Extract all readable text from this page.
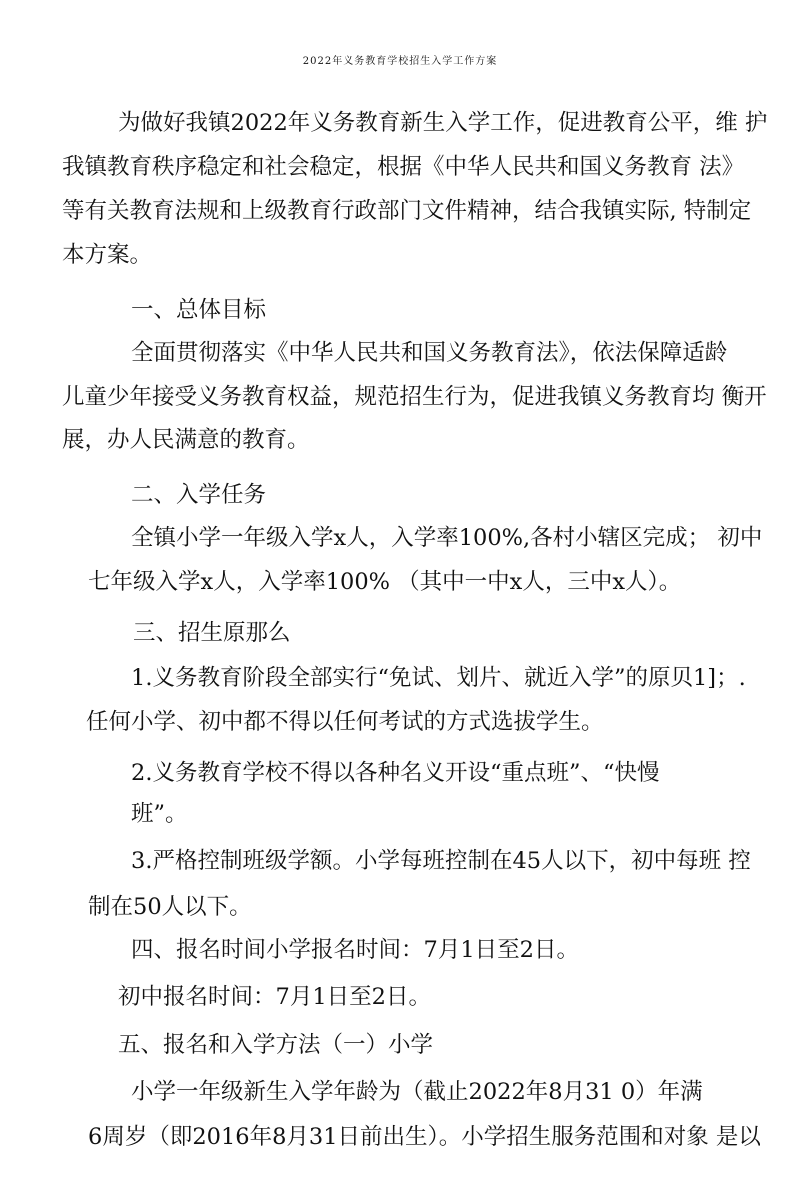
2022年义务教育学校招生入学工作方案
为做好我镇2022年义务教育新生入学工作，促进教育公平，维 护
我镇教育秩序稳定和社会稳定，根据《中华人民共和国义务教育 法》
等有关教育法规和上级教育行政部门文件精神，结合我镇实际, 特制定
本方案。
一、总体目标
全面贯彻落实《中华人民共和国义务教育法》，依法保障适龄
儿童少年接受义务教育权益，规范招生行为，促进我镇义务教育均 衡开
展，办人民满意的教育。
二、入学任务
全镇小学一年级入学x人，入学率100%,各村小辖区完成； 初中
七年级入学x人，入学率100% （其中一中x人，三中x人）。
三、招生原那么
1.义务教育阶段全部实行“免试、划片、就近入学”的原贝1]；.
任何小学、初中都不得以任何考试的方式选拔学生。
2.义务教育学校不得以各种名义开设“重点班”、“快慢
班”。
3.严格控制班级学额。小学每班控制在45人以下，初中每班 控
制在50人以下。
四、报名时间小学报名时间：7月1日至2日。
初中报名时间：7月1日至2日。
五、报名和入学方法（一）小学
小学一年级新生入学年龄为（截止2022年8月31 0）年满
6周岁（即2016年8月31日前出生）。小学招生服务范围和对象 是以
